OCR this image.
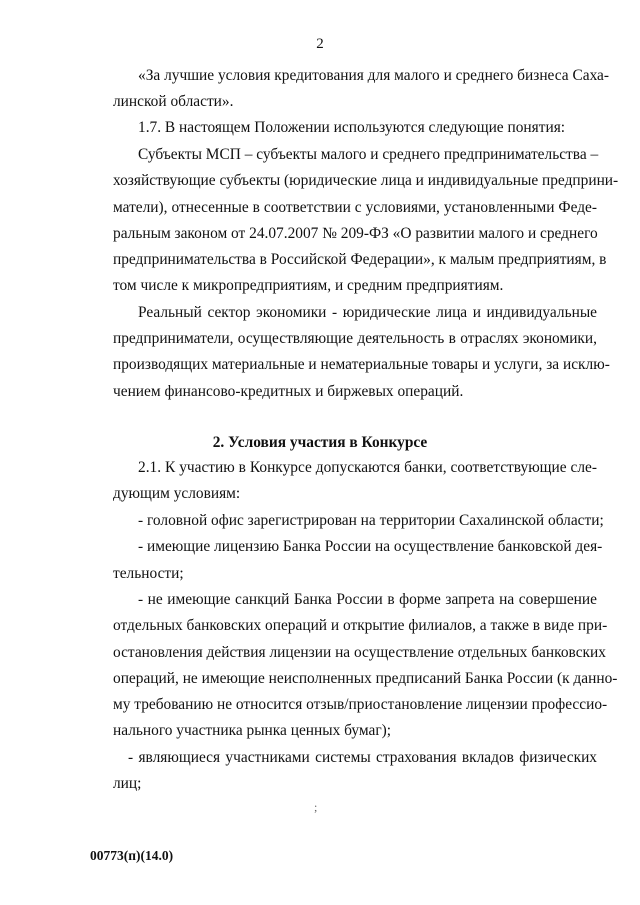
2
«За лучшие условия кредитования для малого и среднего бизнеса Саха-
линской области».
1.7. В настоящем Положении используются следующие понятия:
Субъекты МСП – субъекты малого и среднего предпринимательства –
хозяйствующие субъекты (юридические лица и индивидуальные предприни-
матели), отнесенные в соответствии с условиями, установленными Феде-
ральным законом от 24.07.2007 № 209-ФЗ «О развитии малого и среднего
предпринимательства в Российской Федерации», к малым предприятиям, в
том числе к микропредприятиям, и средним предприятиям.
Реальный сектор экономики - юридические лица и индивидуальные
предприниматели, осуществляющие деятельность в отраслях экономики,
производящих материальные и нематериальные товары и услуги, за исклю-
чением финансово-кредитных и биржевых операций.
2. Условия участия в Конкурсе
2.1. К участию в Конкурсе допускаются банки, соответствующие сле-
дующим условиям:
- головной офис зарегистрирован на территории Сахалинской области;
- имеющие лицензию Банка России на осуществление банковской дея-
тельности;
- не имеющие санкций Банка России в форме запрета на совершение
отдельных банковских операций и открытие филиалов, а также в виде при-
остановления действия лицензии на осуществление отдельных банковских
операций, не имеющие неисполненных предписаний Банка России (к данно-
му требованию не относится отзыв/приостановление лицензии профессио-
нального участника рынка ценных бумаг);
- являющиеся участниками системы страхования вкладов физических
лиц;
;
00773(п)(14.0)
